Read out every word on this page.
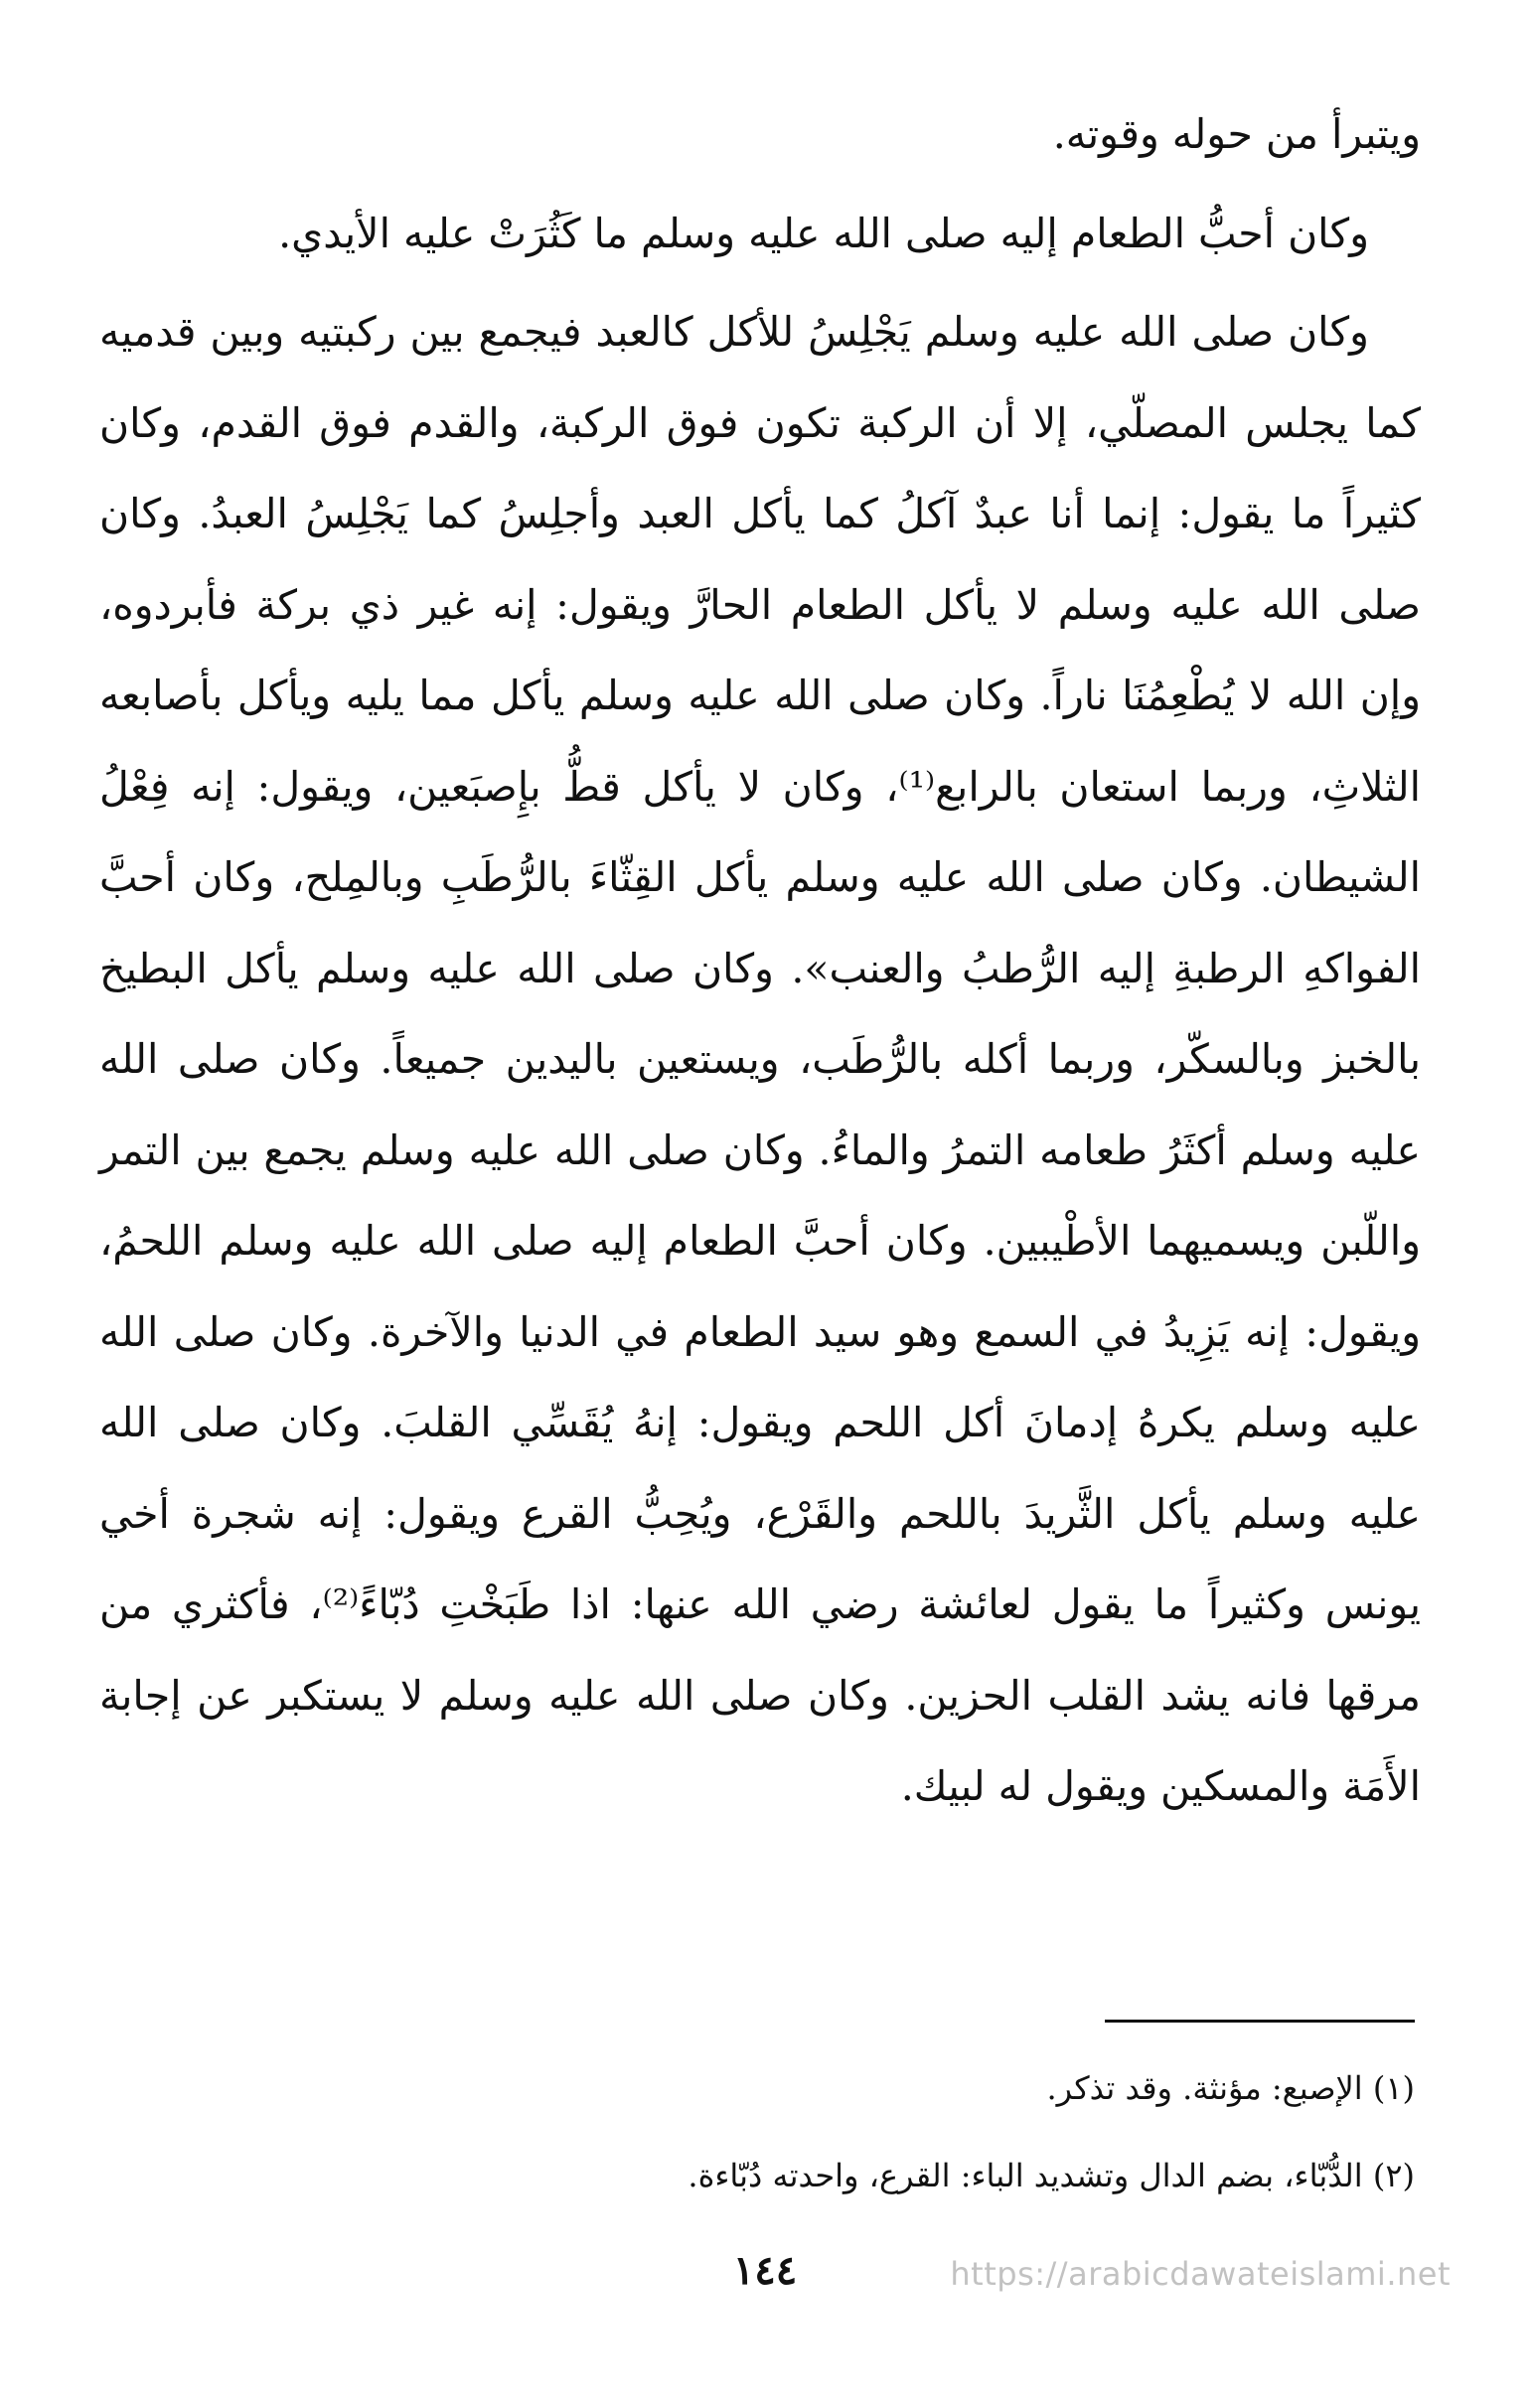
ويتبرأ من حوله وقوته.

وكان أحبُّ الطعام إليه صلى الله عليه وسلم ما كَثُرَتْ عليه الأيدي.

وكان صلى الله عليه وسلم يَجْلِسُ للأكل كالعبد فيجمع بين ركبتيه وبين قدميه كما يجلس المصلّي، إلا أن الركبة تكون فوق الركبة، والقدم فوق القدم، وكان كثيراً ما يقول: إنما أنا عبدٌ آكلُ كما يأكل العبد وأجلِسُ كما يَجْلِسُ العبدُ. وكان صلى الله عليه وسلم لا يأكل الطعام الحارَّ ويقول: إنه غير ذي بركة فأبردوه، وإن الله لا يُطْعِمُنَا ناراً. وكان صلى الله عليه وسلم يأكل مما يليه ويأكل بأصابعه الثلاثِ، وربما استعان بالرابع⁽¹⁾، وكان لا يأكل قطُّ بإِصبَعين، ويقول: إنه فِعْلُ الشيطان. وكان صلى الله عليه وسلم يأكل القِثّاءَ بالرُّطَبِ وبالمِلح، وكان أحبَّ الفواكهِ الرطبةِ إليه الرُّطبُ والعنب». وكان صلى الله عليه وسلم يأكل البطيخ بالخبز وبالسكّر، وربما أكله بالرُّطَب، ويستعين باليدين جميعاً. وكان صلى الله عليه وسلم أكثَرُ طعامه التمرُ والماءُ. وكان صلى الله عليه وسلم يجمع بين التمر واللّبن ويسميهما الأطْيبين. وكان أحبَّ الطعام إليه صلى الله عليه وسلم اللحمُ، ويقول: إنه يَزِيدُ في السمع وهو سيد الطعام في الدنيا والآخرة. وكان صلى الله عليه وسلم يكرهُ إدمانَ أكل اللحم ويقول: إنهُ يُقَسِّي القلبَ. وكان صلى الله عليه وسلم يأكل الثَّريدَ باللحم والقَرْع، ويُحِبُّ القرع ويقول: إنه شجرة أخي يونس وكثيراً ما يقول لعائشة رضي الله عنها: اذا طَبَخْتِ دُبّاءً⁽²⁾، فأكثري من مرقها فانه يشد القلب الحزين. وكان صلى الله عليه وسلم لا يستكبر عن إجابة الأَمَة والمسكين ويقول له لبيك.

(١) الإصبع: مؤنثة. وقد تذكر.

(٢) الدُّبّاء، بضم الدال وتشديد الباء: القرع، واحدته دُبّاءة.

١٤٤	https://arabicdawateislami.net
